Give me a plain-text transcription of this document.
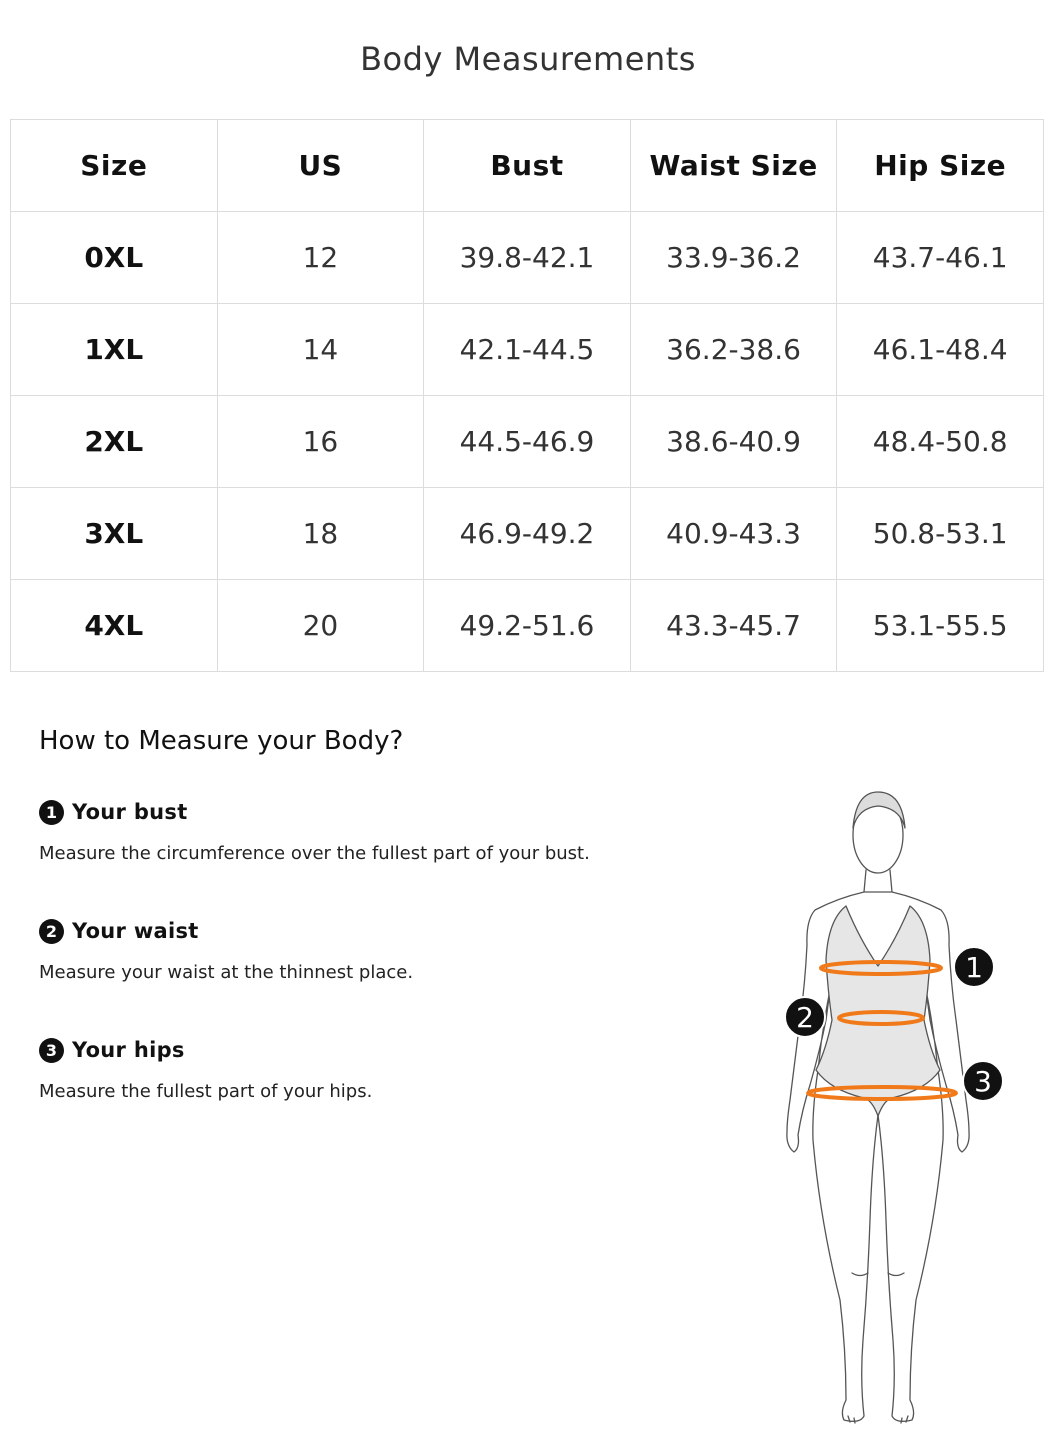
Body Measurements
Size	US	Bust	Waist Size	Hip Size
0XL	12	39.8-42.1	33.9-36.2	43.7-46.1
1XL	14	42.1-44.5	36.2-38.6	46.1-48.4
2XL	16	44.5-46.9	38.6-40.9	48.4-50.8
3XL	18	46.9-49.2	40.9-43.3	50.8-53.1
4XL	20	49.2-51.6	43.3-45.7	53.1-55.5
How to Measure your Body?
1 Your bust
Measure the circumference over the fullest part of your bust.
2 Your waist
Measure your waist at the thinnest place.
3 Your hips
Measure the fullest part of your hips.
1
2
3
